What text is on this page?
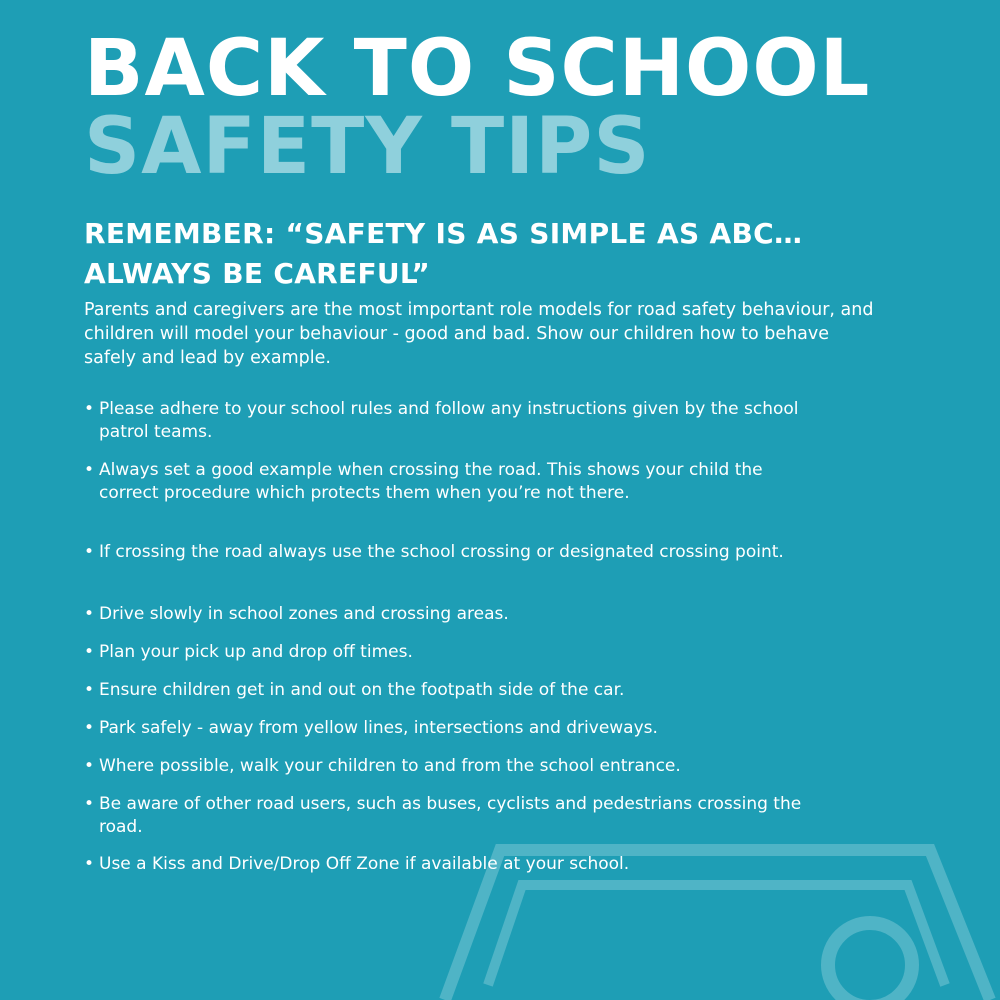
BACK TO SCHOOL
SAFETY TIPS
REMEMBER: “SAFETY IS AS SIMPLE AS ABC…
ALWAYS BE CAREFUL”

Parents and caregivers are the most important role models for road safety behaviour, and children will model your behaviour - good and bad. Show our children how to behave safely and lead by example.

• Please adhere to your school rules and follow any instructions given by the school patrol teams.
• Always set a good example when crossing the road. This shows your child the correct procedure which protects them when you’re not there.
• If crossing the road always use the school crossing or designated crossing point.
• Drive slowly in school zones and crossing areas.
• Plan your pick up and drop off times.
• Ensure children get in and out on the footpath side of the car.
• Park safely - away from yellow lines, intersections and driveways.
• Where possible, walk your children to and from the school entrance.
• Be aware of other road users, such as buses, cyclists and pedestrians crossing the road.
• Use a Kiss and Drive/Drop Off Zone if available at your school.
